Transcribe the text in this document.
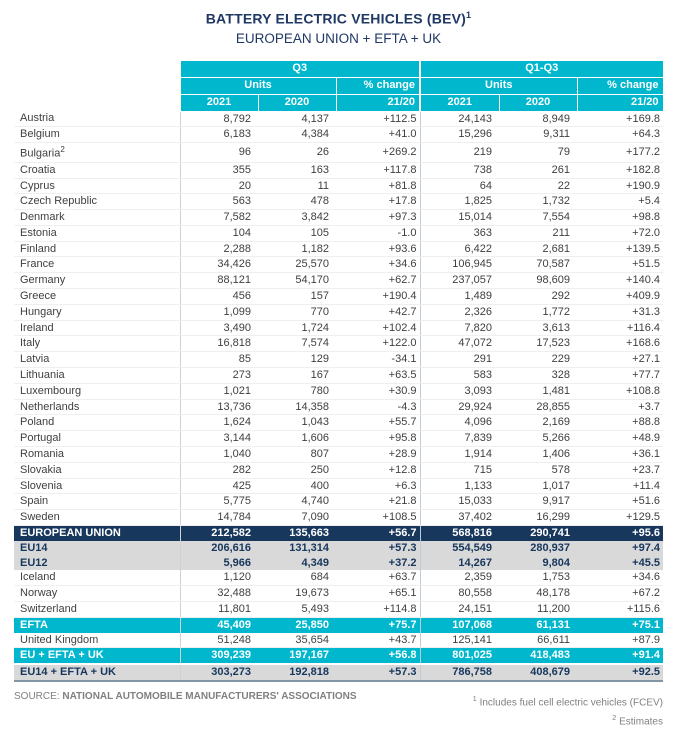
BATTERY ELECTRIC VEHICLES (BEV)$^1$
EUROPEAN UNION + EFTA + UK
	Q3			Q1-Q3		
	Units		% change	Units		% change
	2021	2020	21/20	2021	2020	21/20
Austria	8,792	4,137	+112.5	24,143	8,949	+169.8
Belgium	6,183	4,384	+41.0	15,296	9,311	+64.3
Bulgaria$^2$	96	26	+269.2	219	79	+177.2
Croatia	355	163	+117.8	738	261	+182.8
Cyprus	20	11	+81.8	64	22	+190.9
Czech Republic	563	478	+17.8	1,825	1,732	+5.4
Denmark	7,582	3,842	+97.3	15,014	7,554	+98.8
Estonia	104	105	-1.0	363	211	+72.0
Finland	2,288	1,182	+93.6	6,422	2,681	+139.5
France	34,426	25,570	+34.6	106,945	70,587	+51.5
Germany	88,121	54,170	+62.7	237,057	98,609	+140.4
Greece	456	157	+190.4	1,489	292	+409.9
Hungary	1,099	770	+42.7	2,326	1,772	+31.3
Ireland	3,490	1,724	+102.4	7,820	3,613	+116.4
Italy	16,818	7,574	+122.0	47,072	17,523	+168.6
Latvia	85	129	-34.1	291	229	+27.1
Lithuania	273	167	+63.5	583	328	+77.7
Luxembourg	1,021	780	+30.9	3,093	1,481	+108.8
Netherlands	13,736	14,358	-4.3	29,924	28,855	+3.7
Poland	1,624	1,043	+55.7	4,096	2,169	+88.8
Portugal	3,144	1,606	+95.8	7,839	5,266	+48.9
Romania	1,040	807	+28.9	1,914	1,406	+36.1
Slovakia	282	250	+12.8	715	578	+23.7
Slovenia	425	400	+6.3	1,133	1,017	+11.4
Spain	5,775	4,740	+21.8	15,033	9,917	+51.6
Sweden	14,784	7,090	+108.5	37,402	16,299	+129.5
EUROPEAN UNION	212,582	135,663	+56.7	568,816	290,741	+95.6
EU14	206,616	131,314	+57.3	554,549	280,937	+97.4
EU12	5,966	4,349	+37.2	14,267	9,804	+45.5
Iceland	1,120	684	+63.7	2,359	1,753	+34.6
Norway	32,488	19,673	+65.1	80,558	48,178	+67.2
Switzerland	11,801	5,493	+114.8	24,151	11,200	+115.6
EFTA	45,409	25,850	+75.7	107,068	61,131	+75.1
United Kingdom	51,248	35,654	+43.7	125,141	66,611	+87.9
EU + EFTA + UK	309,239	197,167	+56.8	801,025	418,483	+91.4
EU14 + EFTA + UK	303,273	192,818	+57.3	786,758	408,679	+92.5
SOURCE: NATIONAL AUTOMOBILE MANUFACTURERS' ASSOCIATIONS	$^1$ Includes fuel cell electric vehicles (FCEV)
$^2$ Estimates
